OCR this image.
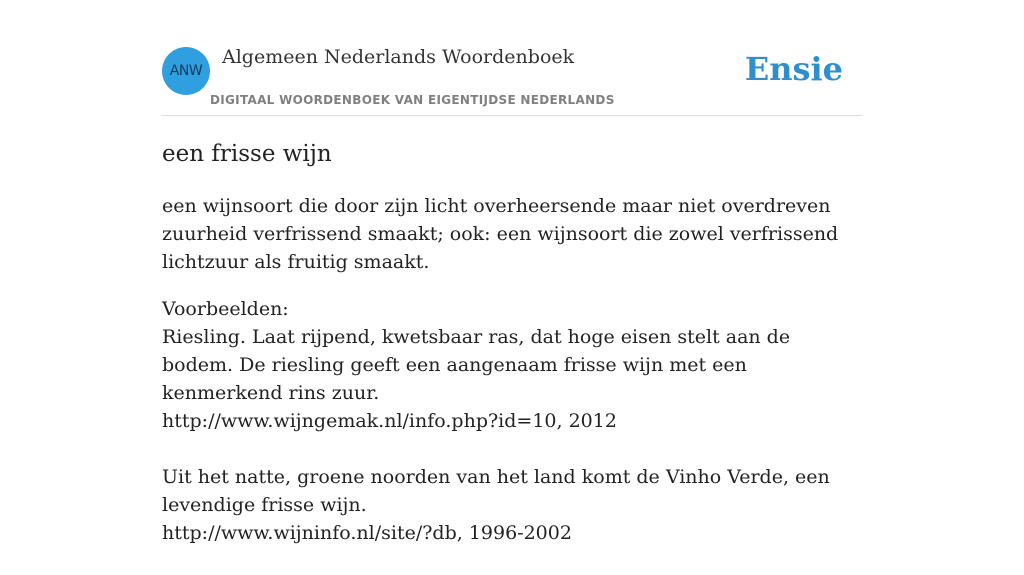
ANW
Algemeen Nederlands Woordenboek
DIGITAAL WOORDENBOEK VAN EIGENTIJDSE NEDERLANDS
Ensie
een frisse wijn

een wijnsoort die door zijn licht overheersende maar niet overdreven zuurheid verfrissend smaakt; ook: een wijnsoort die zowel verfrissend lichtzuur als fruitig smaakt.

Voorbeelden:
Riesling. Laat rijpend, kwetsbaar ras, dat hoge eisen stelt aan de bodem. De riesling geeft een aangenaam frisse wijn met een kenmerkend rins zuur.
http://www.wijngemak.nl/info.php?id=10, 2012
Uit het natte, groene noorden van het land komt de Vinho Verde, een levendige frisse wijn.
http://www.wijninfo.nl/site/?db, 1996-2002
